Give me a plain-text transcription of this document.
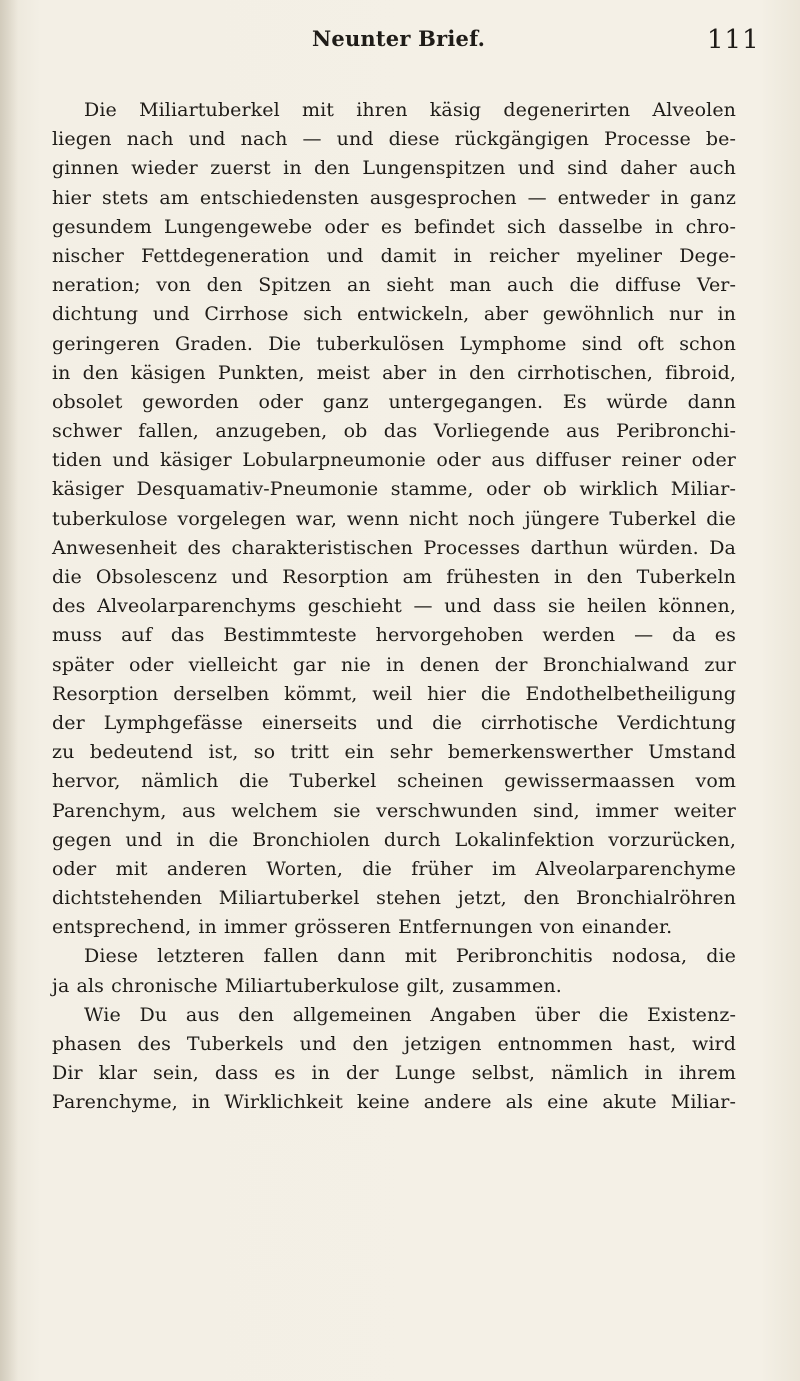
Neunter Brief.	111
Die Miliartuberkel mit ihren käsig degenerirten Alveolen
liegen nach und nach — und diese rückgängigen Processe be-
ginnen wieder zuerst in den Lungenspitzen und sind daher auch
hier stets am entschiedensten ausgesprochen — entweder in ganz
gesundem Lungengewebe oder es befindet sich dasselbe in chro-
nischer Fettdegeneration und damit in reicher myeliner Dege-
neration; von den Spitzen an sieht man auch die diffuse Ver-
dichtung und Cirrhose sich entwickeln, aber gewöhnlich nur in
geringeren Graden. Die tuberkulösen Lymphome sind oft schon
in den käsigen Punkten, meist aber in den cirrhotischen, fibroid,
obsolet geworden oder ganz untergegangen. Es würde dann
schwer fallen, anzugeben, ob das Vorliegende aus Peribronchi-
tiden und käsiger Lobularpneumonie oder aus diffuser reiner oder
käsiger Desquamativ-Pneumonie stamme, oder ob wirklich Miliar-
tuberkulose vorgelegen war, wenn nicht noch jüngere Tuberkel die
Anwesenheit des charakteristischen Processes darthun würden. Da
die Obsolescenz und Resorption am frühesten in den Tuberkeln
des Alveolarparenchyms geschieht — und dass sie heilen können,
muss auf das Bestimmteste hervorgehoben werden — da es
später oder vielleicht gar nie in denen der Bronchialwand zur
Resorption derselben kömmt, weil hier die Endothelbetheiligung
der Lymphgefässe einerseits und die cirrhotische Verdichtung
zu bedeutend ist, so tritt ein sehr bemerkenswerther Umstand
hervor, nämlich die Tuberkel scheinen gewissermaassen vom
Parenchym, aus welchem sie verschwunden sind, immer weiter
gegen und in die Bronchiolen durch Lokalinfektion vorzurücken,
oder mit anderen Worten, die früher im Alveolarparenchyme
dichtstehenden Miliartuberkel stehen jetzt, den Bronchialröhren
entsprechend, in immer grösseren Entfernungen von einander.
Diese letzteren fallen dann mit Peribronchitis nodosa, die
ja als chronische Miliartuberkulose gilt, zusammen.
Wie Du aus den allgemeinen Angaben über die Existenz-
phasen des Tuberkels und den jetzigen entnommen hast, wird
Dir klar sein, dass es in der Lunge selbst, nämlich in ihrem
Parenchyme, in Wirklichkeit keine andere als eine akute Miliar-
